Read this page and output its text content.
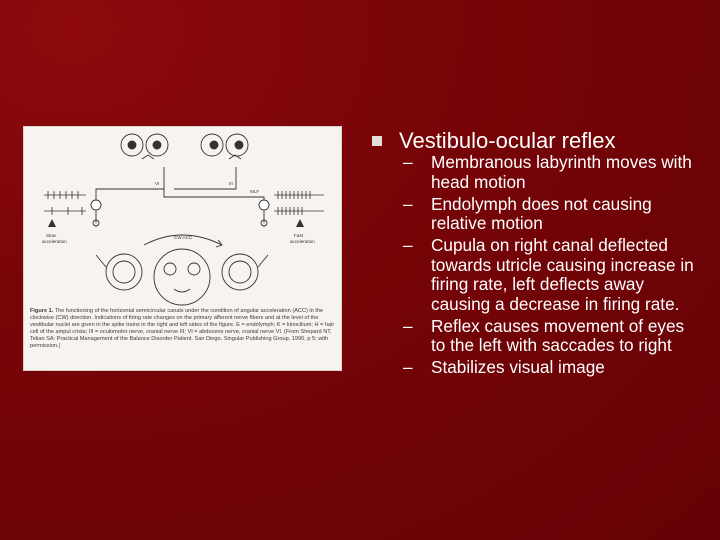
Slow
acceleration
Fast
acceleration
CW ACC
VI	III
MLF
Figure 1. The functioning of the horizontal semicircular canals under the condition of angular acceleration (ACC) in the clockwise (CW) direction. Indications of firing rate changes on the primary afferent nerve fibers and at the level of the vestibular nuclei are given in the spike trains in the right and left sides of the figure. E = endolymph; K = kinocilium; H = hair cell of the ampul crista; III = oculomotor nerve, cranial nerve III; VI = abducens nerve, cranial nerve VI. (From Shepard NT, Telian SA: Practical Management of the Balance Disorder Patient. San Diego, Singular Publishing Group, 1996, p 5; with permission.)
Vestibulo-ocular reflex
– Membranous labyrinth moves with head motion
– Endolymph does not causing relative motion
– Cupula on right canal deflected towards utricle causing increase in firing rate, left deflects away causing a decrease in firing rate.
– Reflex causes movement of eyes to the left with saccades to right
– Stabilizes visual image
